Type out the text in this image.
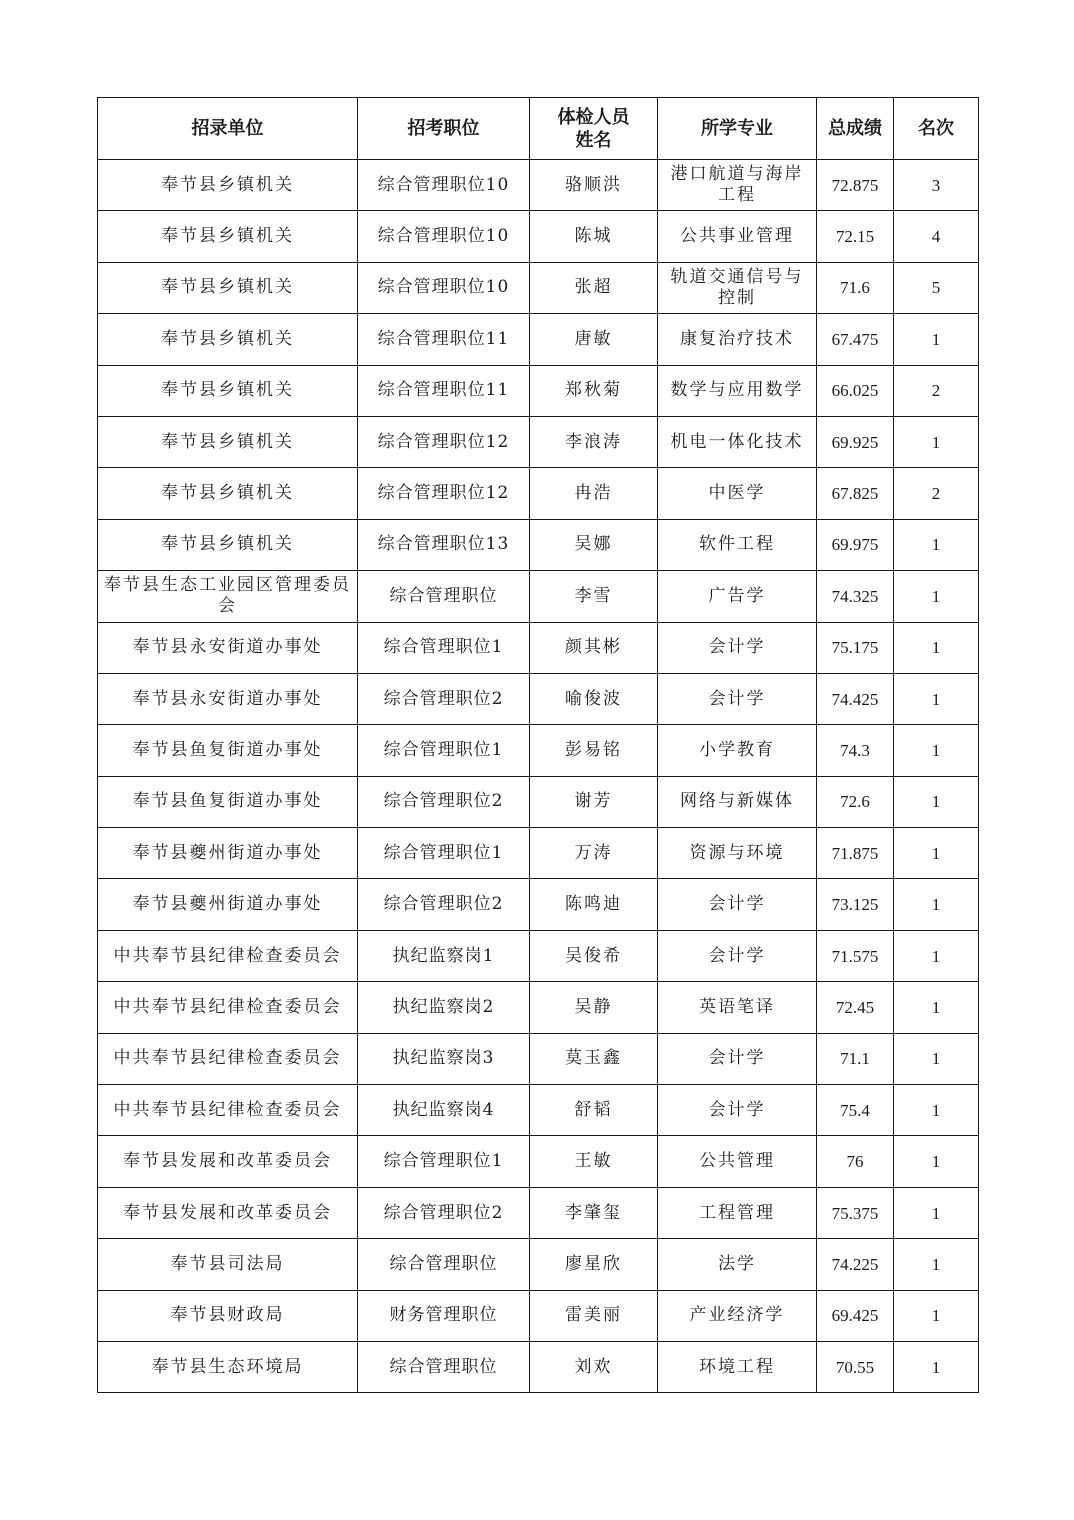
招录单位	招考职位	体检人员姓名	所学专业	总成绩	名次
奉节县乡镇机关	综合管理职位10	骆顺洪	港口航道与海岸工程	72.875	3
奉节县乡镇机关	综合管理职位10	陈城	公共事业管理	72.15	4
奉节县乡镇机关	综合管理职位10	张超	轨道交通信号与控制	71.6	5
奉节县乡镇机关	综合管理职位11	唐敏	康复治疗技术	67.475	1
奉节县乡镇机关	综合管理职位11	郑秋菊	数学与应用数学	66.025	2
奉节县乡镇机关	综合管理职位12	李浪涛	机电一体化技术	69.925	1
奉节县乡镇机关	综合管理职位12	冉浩	中医学	67.825	2
奉节县乡镇机关	综合管理职位13	吴娜	软件工程	69.975	1
奉节县生态工业园区管理委员会	综合管理职位	李雪	广告学	74.325	1
奉节县永安街道办事处	综合管理职位1	颜其彬	会计学	75.175	1
奉节县永安街道办事处	综合管理职位2	喻俊波	会计学	74.425	1
奉节县鱼复街道办事处	综合管理职位1	彭易铭	小学教育	74.3	1
奉节县鱼复街道办事处	综合管理职位2	谢芳	网络与新媒体	72.6	1
奉节县夔州街道办事处	综合管理职位1	万涛	资源与环境	71.875	1
奉节县夔州街道办事处	综合管理职位2	陈鸣迪	会计学	73.125	1
中共奉节县纪律检查委员会	执纪监察岗1	吴俊希	会计学	71.575	1
中共奉节县纪律检查委员会	执纪监察岗2	吴静	英语笔译	72.45	1
中共奉节县纪律检查委员会	执纪监察岗3	莫玉鑫	会计学	71.1	1
中共奉节县纪律检查委员会	执纪监察岗4	舒韬	会计学	75.4	1
奉节县发展和改革委员会	综合管理职位1	王敏	公共管理	76	1
奉节县发展和改革委员会	综合管理职位2	李肇玺	工程管理	75.375	1
奉节县司法局	综合管理职位	廖星欣	法学	74.225	1
奉节县财政局	财务管理职位	雷美丽	产业经济学	69.425	1
奉节县生态环境局	综合管理职位	刘欢	环境工程	70.55	1
